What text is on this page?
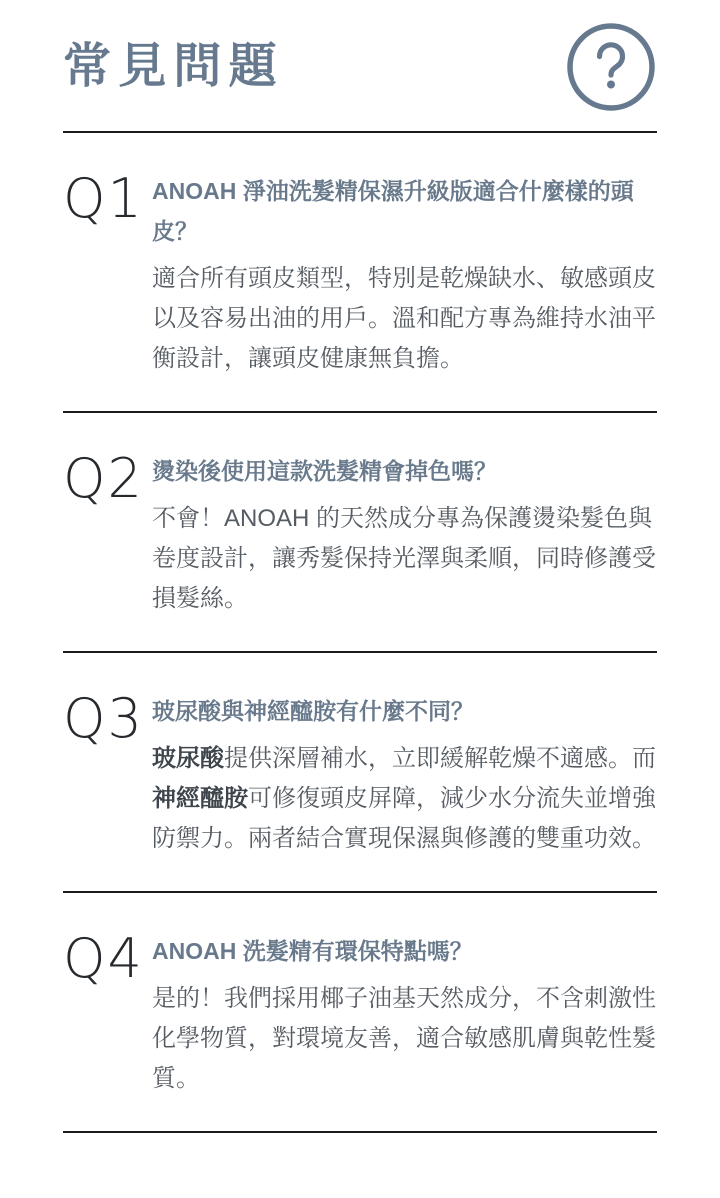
常見問題
Q1 ANOAH 淨油洗髮精保濕升級版適合什麼樣的頭皮？

適合所有頭皮類型，特別是乾燥缺水、敏感頭皮以及容易出油的用戶。溫和配方專為維持水油平衡設計，讓頭皮健康無負擔。

Q2 燙染後使用這款洗髮精會掉色嗎？

不會！ANOAH 的天然成分專為保護燙染髮色與卷度設計，讓秀髮保持光澤與柔順，同時修護受損髮絲。

Q3 玻尿酸與神經醯胺有什麼不同？

玻尿酸提供深層補水，立即緩解乾燥不適感。而神經醯胺可修復頭皮屏障，減少水分流失並增強防禦力。兩者結合實現保濕與修護的雙重功效。

Q4 ANOAH 洗髮精有環保特點嗎？

是的！我們採用椰子油基天然成分，不含刺激性化學物質，對環境友善，適合敏感肌膚與乾性髮質。
